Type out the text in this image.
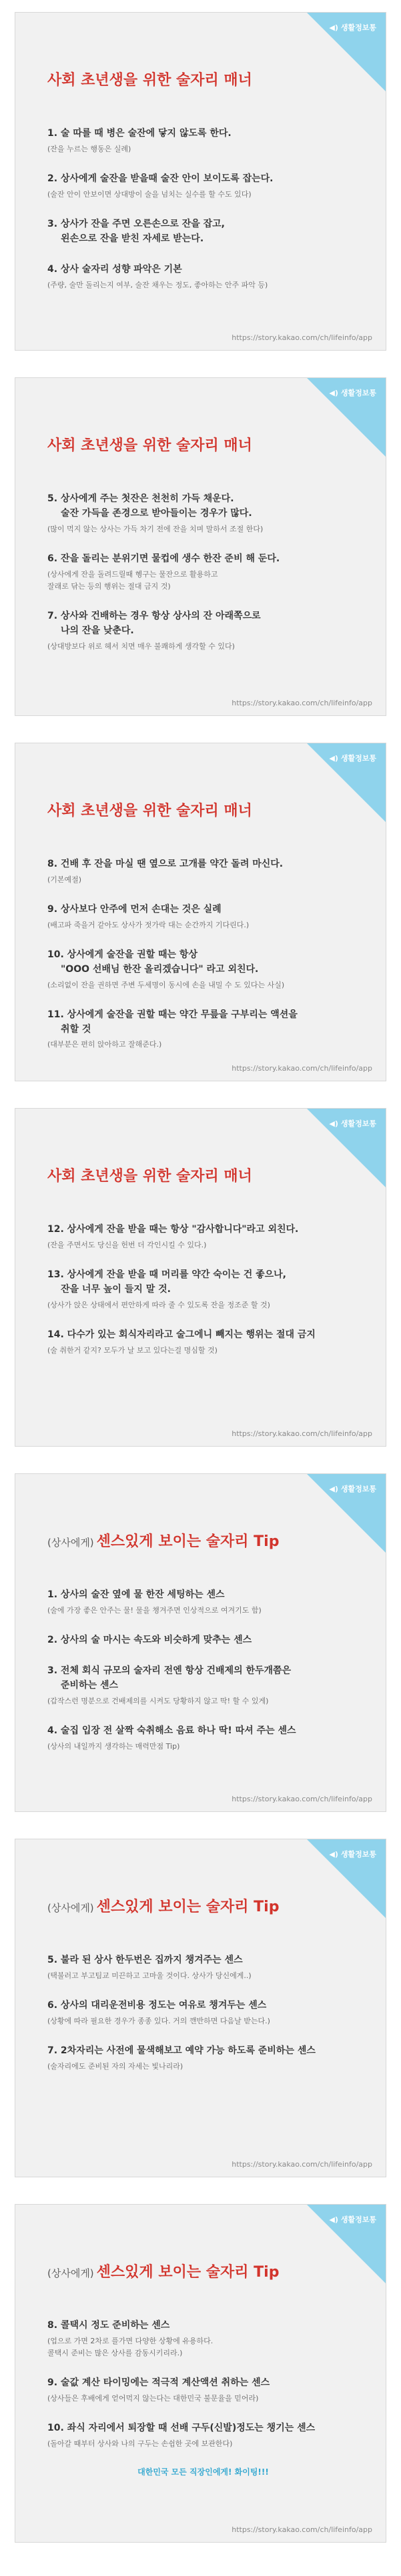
◀) 생활정보통
사회 초년생을 위한 술자리 매너
1. 술 따를 때 병은 술잔에 닿지 않도록 한다.
(잔을 누르는 행동은 실례)
2. 상사에게 술잔을 받을때 술잔 안이 보이도록 잡는다.
(술잔 안이 안보이면 상대방이 술을 넘치는 실수를 할 수도 있다)
3. 상사가 잔을 주면 오른손으로 잔을 잡고,
왼손으로 잔을 받친 자세로 받는다.
4. 상사 술자리 성향 파악은 기본
(주량, 술만 돌리는지 여부, 술잔 채우는 정도, 좋아하는 안주 파악 등)
https://story.kakao.com/ch/lifeinfo/app
◀) 생활정보통
사회 초년생을 위한 술자리 매너
5. 상사에게 주는 첫잔은 천천히 가득 채운다.
술잔 가득을 존경으로 받아들이는 경우가 많다.
(많이 먹지 않는 상사는 가득 차기 전에 잔을 치며 말하서 조절 한다)
6. 잔을 돌리는 분위기면 물컵에 생수 한잔 준비 해 둔다.
(상사에게 잔을 돌려드릴때 헹구는 물잔으로 활용하고
잘래로 닦는 등의 행위는 절대 금지 것)
7. 상사와 건배하는 경우 항상 상사의 잔 아래쪽으로
나의 잔을 낮춘다.
(상대방보다 위로 헤서 치면 매우 불쾌하게 생각할 수 있다)
https://story.kakao.com/ch/lifeinfo/app
◀) 생활정보통
사회 초년생을 위한 술자리 매너
8. 건배 후 잔을 마실 땐 옆으로 고개를 약간 돌려 마신다.
(기본예절)
9. 상사보다 안주에 먼저 손대는 것은 실례
(배고파 죽을거 같아도 상사가 젓가락 대는 순간까지 기다린다.)
10. 상사에게 술잔을 권할 때는 항상
"OOO 선배님 한잔 올리겠습니다" 라고 외친다.
(소리없이 잔을 권하면 주변 두세명이 동시에 손을 내밀 수 도 있다는 사실)
11. 상사에게 술잔을 권할 때는 약간 무릎을 구부리는 액션을
취할 것
(대부분은 편히 앉아하고 잘해준다.)
https://story.kakao.com/ch/lifeinfo/app
◀) 생활정보통
사회 초년생을 위한 술자리 매너
12. 상사에게 잔을 받을 때는 항상 "감사합니다"라고 외친다.
(잔을 주면서도 당신을 헌번 더 각인시킬 수 있다.)
13. 상사에게 잔을 받을 때 머리를 약간 숙이는 건 좋으나,
잔을 너무 높이 들지 말 것.
(상사가 앉은 상태에서 편안하게 따라 줄 수 있도록 잔을 정조준 할 것)
14. 다수가 있는 회식자리라고 술그에니 빼지는 행위는 절대 금지
(술 취한거 같지? 모두가 날 보고 있다는걸 명심할 것)
https://story.kakao.com/ch/lifeinfo/app
◀) 생활정보통
(상사에게) 센스있게 보이는 술자리 Tip
1. 상사의 술잔 옆에 물 한잔 세팅하는 센스
(술에 가장 좋은 안주는 물! 물을 챙겨주면 인상적으로 여겨기도 함)
2. 상사의 술 마시는 속도와 비슷하게 맞추는 센스
3. 전체 회식 규모의 술자리 전엔 항상 건배제의 한두개쯤은
준비하는 센스
(갑작스런 명분으로 건배제의를 시켜도 당황하지 않고 딱! 할 수 있게)
4. 술집 입장 전 살짝 숙취해소 음료 하나 딱! 따셔 주는 센스
(상사의 내일까지 생각하는 매력만점 Tip)
https://story.kakao.com/ch/lifeinfo/app
◀) 생활정보통
(상사에게) 센스있게 보이는 술자리 Tip
5. 불라 된 상사 한두번은 집까지 챙겨주는 센스
(택불러고 부고팀교 미끈하고 고마울 것이다. 상사가 당신에게..)
6. 상사의 대리운전비용 정도는 여유로 챙겨두는 센스
(상황에 따라 필요한 경우가 종종 있다. 거의 깬반하면 다음날 받는다.)
7. 2차자리는 사전에 물색해보고 예약 가능 하도록 준비하는 센스
(술자리에도 준비된 자의 자세는 빛나리라)
https://story.kakao.com/ch/lifeinfo/app
◀) 생활정보통
(상사에게) 센스있게 보이는 술자리 Tip
8. 콜택시 정도 준비하는 센스
(업으로 가면 2차로 플가면 다양한 상황에 유용하다.
콜택시 준비는 많은 상사를 감동시키리라.)
9. 술값 계산 타이밍에는 적극적 계산액션 취하는 센스
(상사들은 후배에게 얻어먹지 않는다는 대한민국 불문율을 믿어라)
10. 좌식 자리에서 퇴장할 때 선배 구두(신발)정도는 챙기는 센스
(돌아갈 때부터 상사와 나의 구두는 손쉽한 곳에 보관한다)
대한민국 모든 직장인에게! 화이팅!!!
https://story.kakao.com/ch/lifeinfo/app
